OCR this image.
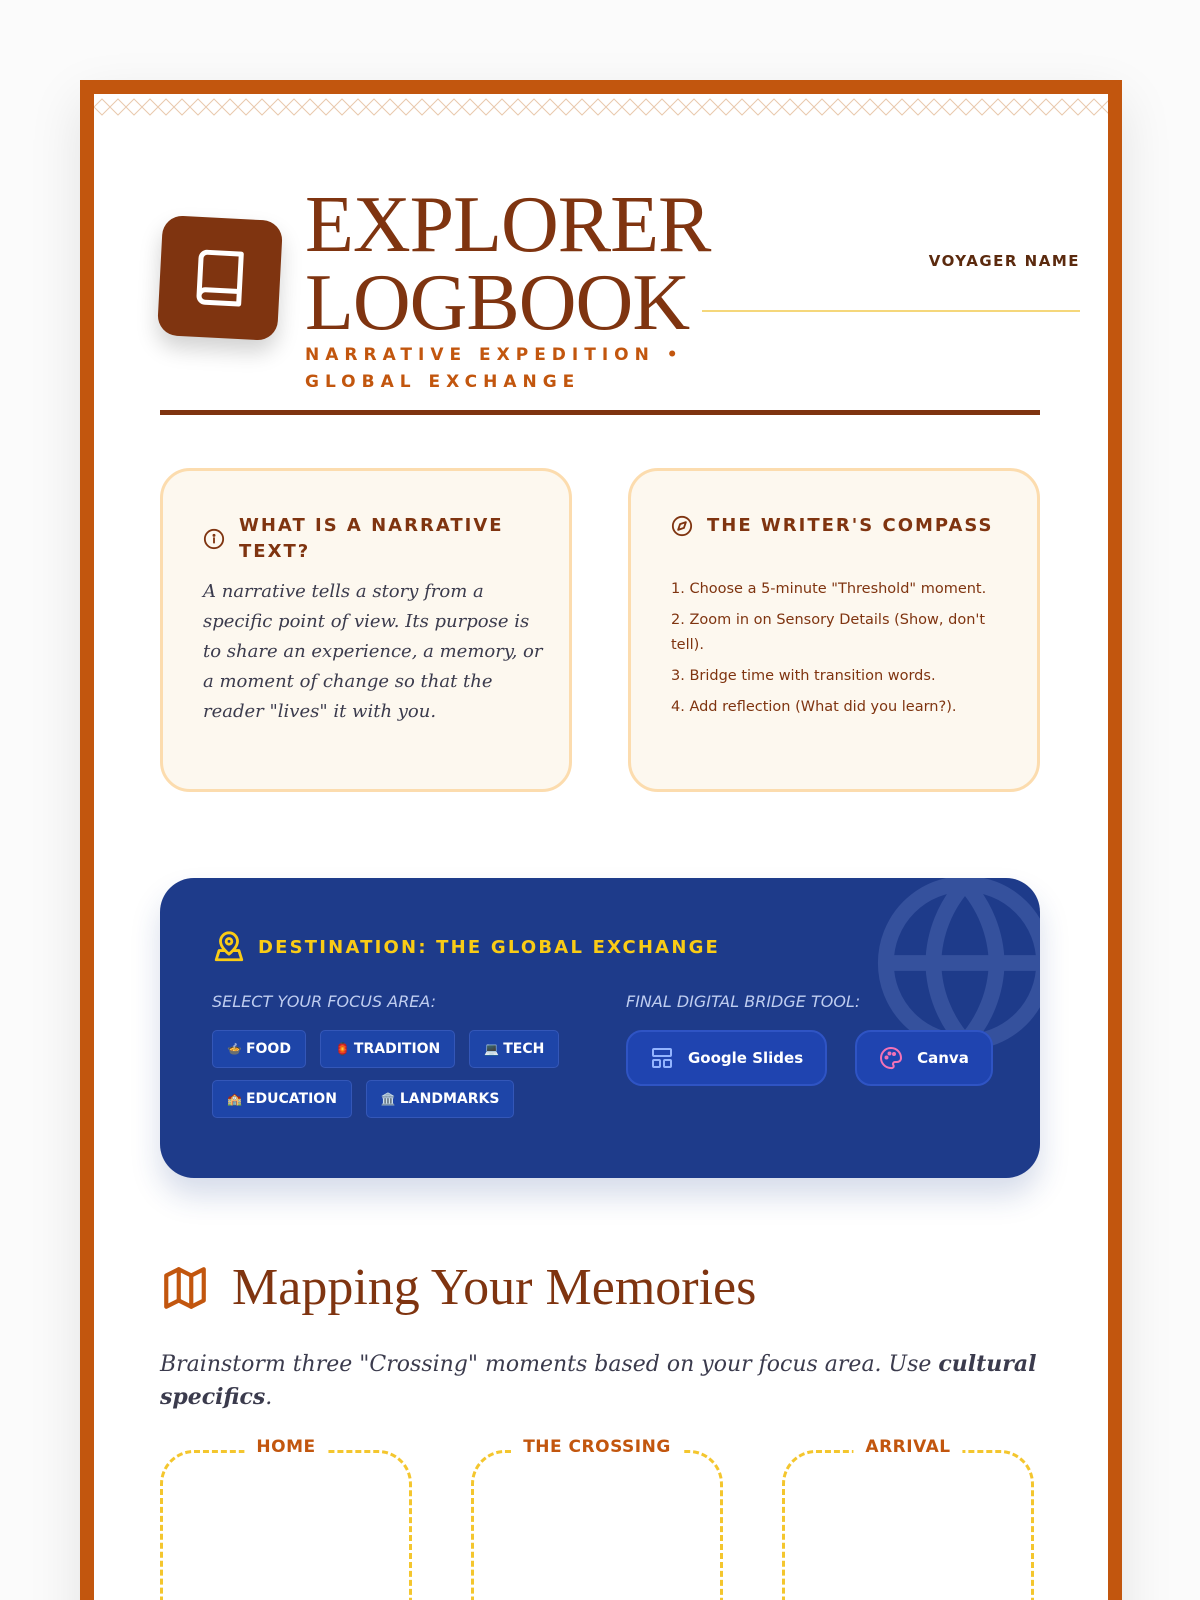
EXPLORER
LOGBOOK
NARRATIVE EXPEDITION • GLOBAL EXCHANGE
VOYAGER NAME
WHAT IS A NARRATIVE TEXT?

A narrative tells a story from a specific point of view. Its purpose is to share an experience, a memory, or a moment of change so that the reader "lives" it with you.

THE WRITER'S COMPASS
1. Choose a 5-minute "Threshold" moment.
2. Zoom in on Sensory Details (Show, don't tell).
3. Bridge time with transition words.
4. Add reflection (What did you learn?).
DESTINATION: THE GLOBAL EXCHANGE
SELECT YOUR FOCUS AREA:	FINAL DIGITAL BRIDGE TOOL:
🍲 FOOD	🏮 TRADITION	💻 TECH
🏫 EDUCATION	🏛️ LANDMARKS
Google Slides	Canva
Mapping Your Memories

Brainstorm three "Crossing" moments based on your focus area. Use cultural specifics.

HOME	THE CROSSING	ARRIVAL
